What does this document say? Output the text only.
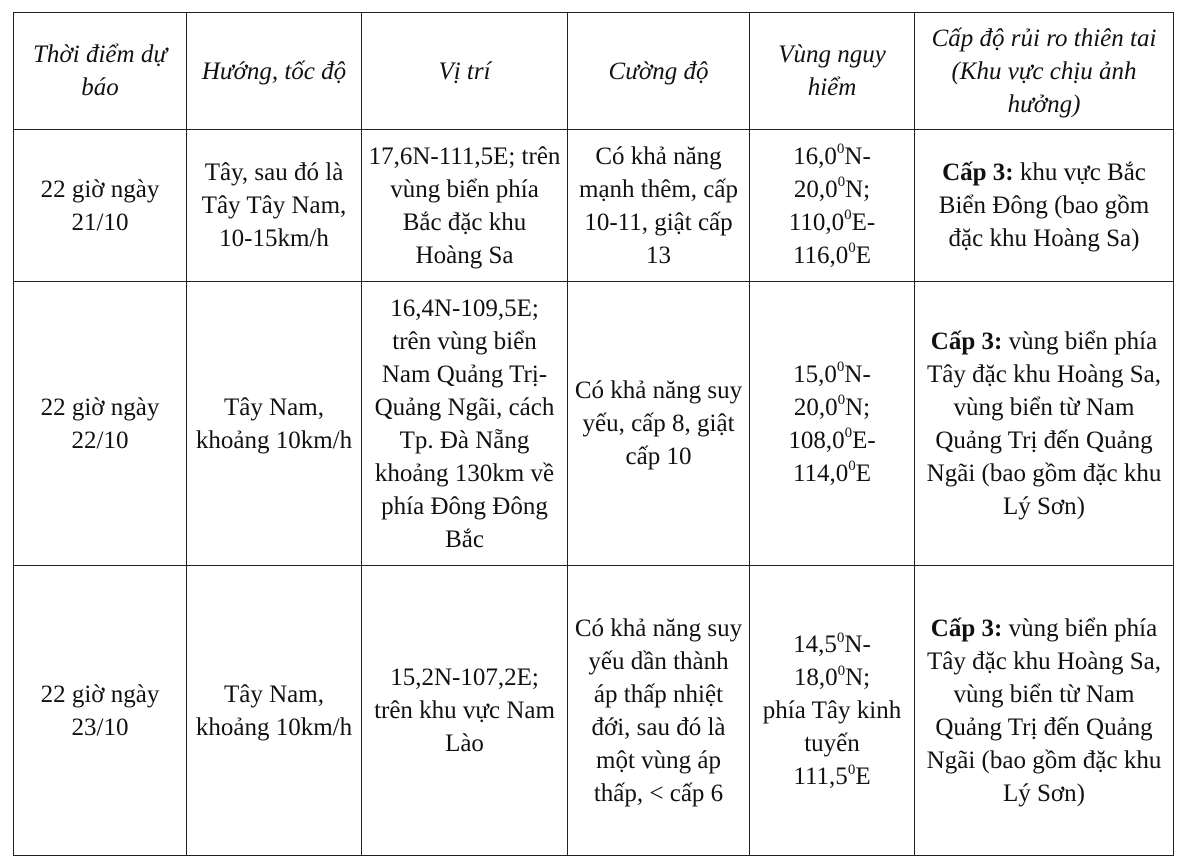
Thời điểm dự báo	Hướng, tốc độ	Vị trí	Cường độ	Vùng nguy hiểm	Cấp độ rủi ro thiên tai (Khu vực chịu ảnh hưởng)

22 giờ ngày 21/10	Tây, sau đó là Tây Tây Nam, 10-15km/h	17,6N-111,5E; trên vùng biển phía Bắc đặc khu Hoàng Sa	Có khả năng mạnh thêm, cấp 10-11, giật cấp 13	16,0$^0$N-
20,0$^0$N;
110,0$^0$E-
116,0$^0$E	Cấp 3: khu vực Bắc Biển Đông (bao gồm đặc khu Hoàng Sa)

22 giờ ngày 22/10	Tây Nam, khoảng 10km/h	16,4N-109,5E; trên vùng biển Nam Quảng Trị-Quảng Ngãi, cách Tp. Đà Nẵng khoảng 130km về phía Đông Đông Bắc	Có khả năng suy yếu, cấp 8, giật cấp 10	15,0$^0$N-
20,0$^0$N;
108,0$^0$E-
114,0$^0$E	Cấp 3: vùng biển phía Tây đặc khu Hoàng Sa, vùng biển từ Nam Quảng Trị đến Quảng Ngãi (bao gồm đặc khu Lý Sơn)

22 giờ ngày 23/10	Tây Nam, khoảng 10km/h	15,2N-107,2E; trên khu vực Nam Lào	Có khả năng suy yếu dần thành áp thấp nhiệt đới, sau đó là một vùng áp thấp, < cấp 6	14,5$^0$N-
18,0$^0$N;
phía Tây kinh tuyến
111,5$^0$E	Cấp 3: vùng biển phía Tây đặc khu Hoàng Sa, vùng biển từ Nam Quảng Trị đến Quảng Ngãi (bao gồm đặc khu Lý Sơn)
